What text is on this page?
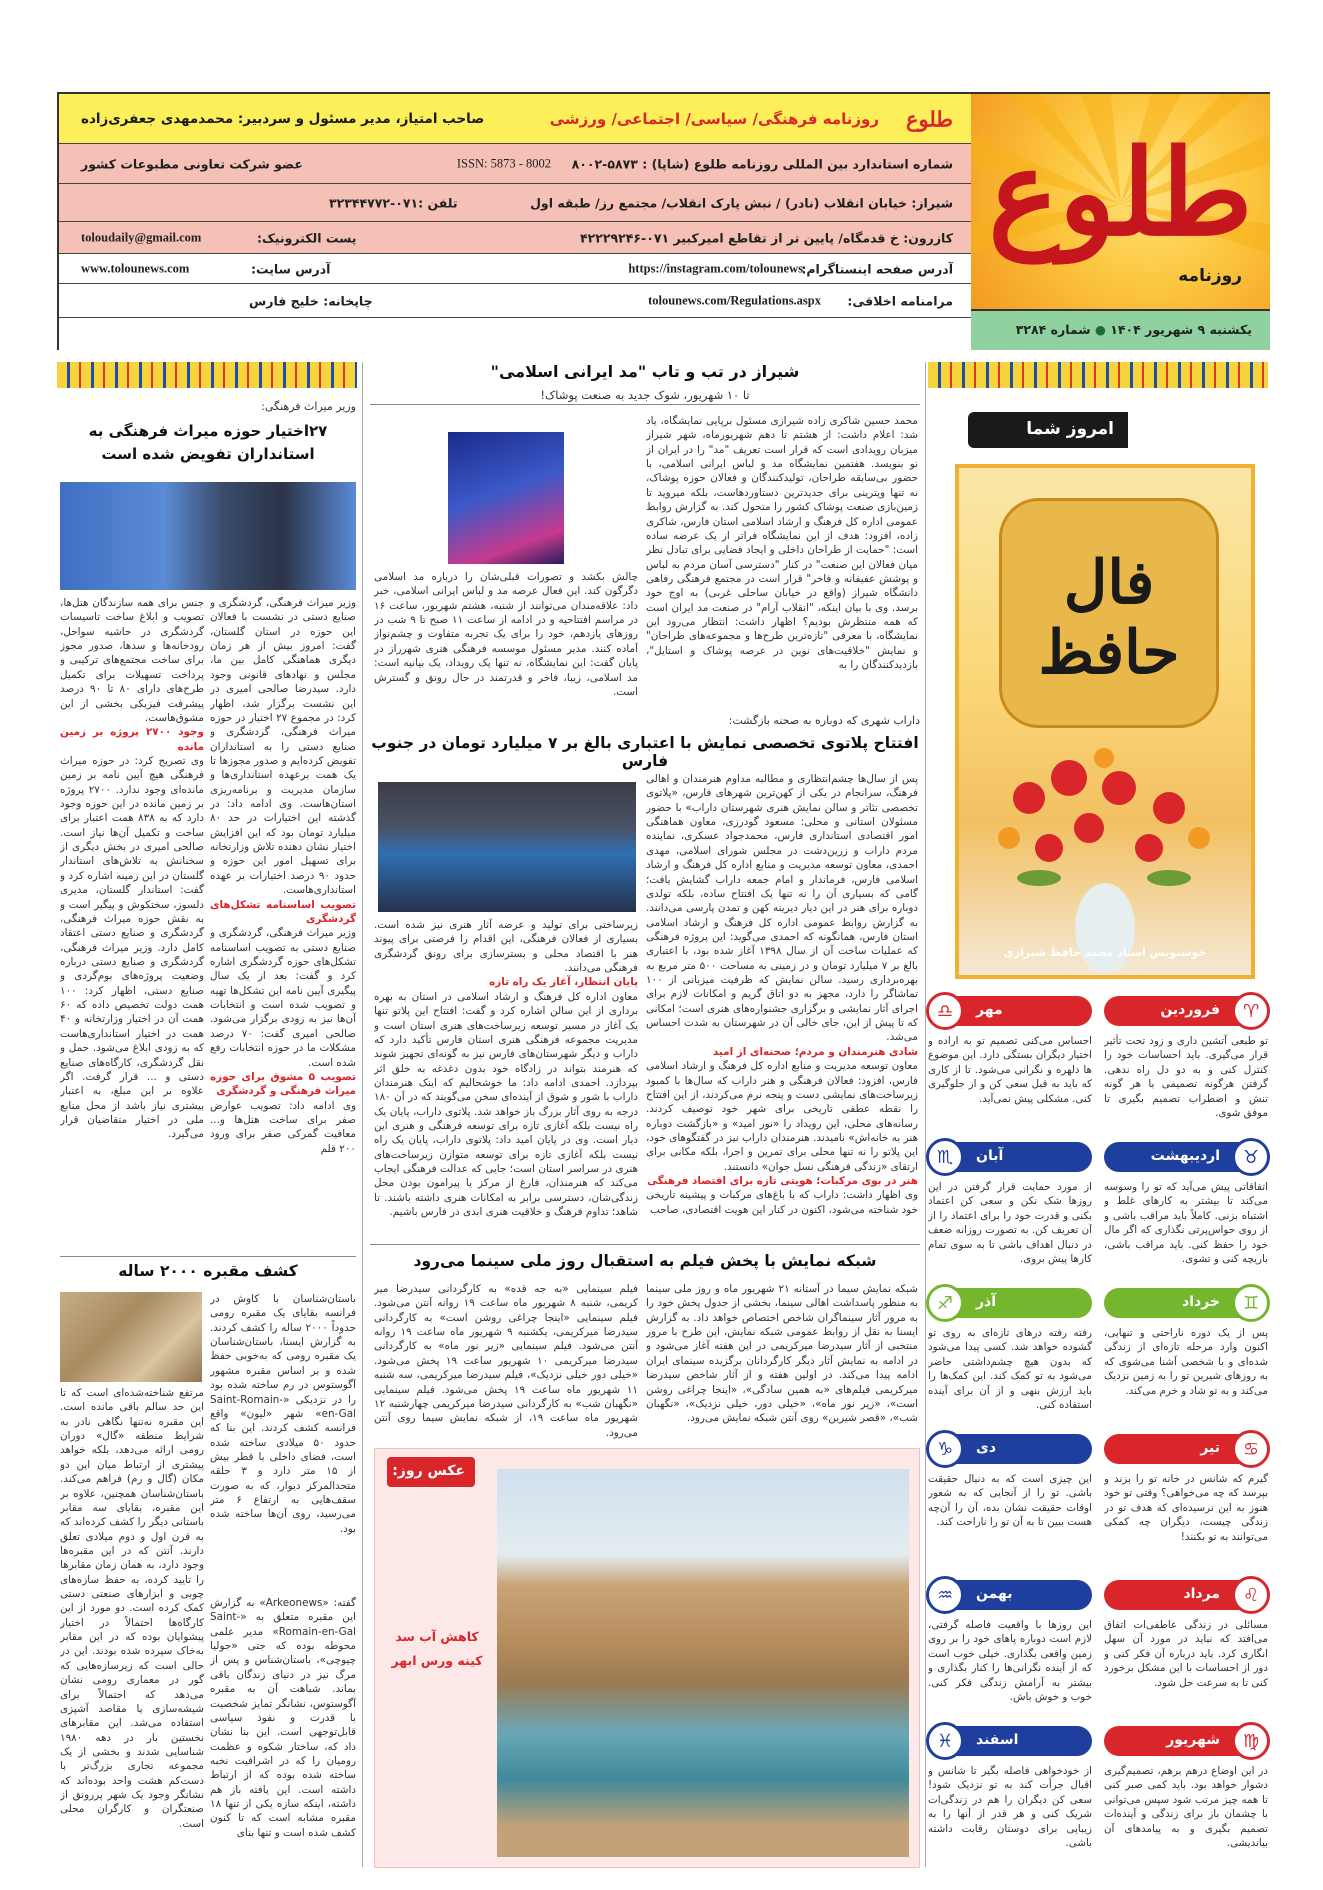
طلوع
روزنامه
یکشنبه ۹ شهریور ۱۴۰۴ ● شماره ۳۲۸۴
طلوع
روزنامه فرهنگی/ سیاسی/ اجتماعی/ ورزشی
صاحب امتیاز، مدیر مسئول و سردبیر: محمدمهدی جعفری‌زاده
شماره استاندارد بین المللی روزنامه طلوع (شاپا) : ۵۸۷۳-۸۰۰۲
ISSN: 5873 - 8002
عضو شرکت تعاونی مطبوعات کشور
شیراز: خیابان انقلاب (نادر) / نبش پارک انقلاب/ مجتمع رز/ طبقه اول
تلفن :۰۷۱-۳۲۳۴۴۷۷۲
کازرون: خ قدمگاه/ پایین تر از تقاطع امیرکبیر ۰۷۱-۴۲۲۲۹۲۴۶
toloudaily@gmail.com	پست الکترونیک:
آدرس صفحه اینستاگرام:
https://instagram.com/tolounews
www.tolounews.com	آدرس سایت:
مرامنامه اخلاقی:
tolounews.com/Regulations.aspx
چاپخانه: خلیج فارس
امروز شما
فال حافظ
خوشنویس استاد محمد حافظ شیرازی
♈
فروردین
تو طبعی آتشین داری و زود تحت تأثیر قرار می‌گیری. باید احساسات خود را کنترل کنی و به دو دل راه ندهی. گرفتن هرگونه تصمیمی با هر گونه تنش و اضطراب تصمیم بگیری تا موفق شوی.
♎	مهر
احساس می‌کنی تصمیم تو به اراده و اختیار دیگران بستگی دارد. این موضوع ها دلهره و نگرانی می‌شود. تا از کاری که باید به قبل سعی کن و از جلوگیری کنی. مشکلی پیش نمی‌آید.
♉
اردیبهشت
اتفاقاتی پیش می‌آید که تو را وسوسه می‌کند تا بیشتر به کارهای غلط و اشتباه بزنی. کاملاً باید مراقب باشی و از روی حواس‌پرتی نگذاری که اگر مال خود را حفظ کنی. باید مراقب باشی، باریچه کنی و تشوی.
♏	آبان
از مورد حمایت قرار گرفتن در این روزها شک نکن و سعی کن اعتماد بکنی و قدرت خود را برای اعتماد را از آن تعریف کن. به تصورت روزانه ضعف در دنبال اهداف باشی تا به سوی تمام کارها پیش بروی.
♊
خرداد
پس از یک دوره ناراحتی و تنهایی، اکنون وارد مرحله تازه‌ای از زندگی شده‌ای و با شخصی آشنا می‌شوی که به روزهای شیرین تو را به زمین نزدیک می‌کند و به تو شاد و خرم می‌کند.
♐	آذر
رفته رفته درهای تازه‌ای به روی تو گشوده خواهد شد. کسی پیدا می‌شود که بدون هیچ چشم‌داشتی حاضر می‌شود به تو کمک کند. این کمک‌ها را باید ارزش بنهی و از آن برای آینده استفاده کنی.
♋
تیر
گیرم که شانس در خانه تو را بزند و بپرسد که چه می‌خواهی؟ وقتی تو خود هنوز به این نرسیده‌ای که هدف تو در زندگی چیست، دیگران چه کمکی می‌توانند به تو بکنند!
♑	دی
این چیزی است که به دنبال حقیقت باشی. تو را از آنجایی که به شعور اوقات حقیقت نشان بده، آن را آن‌چه هست ببین تا به آن تو را ناراحت کند.
♌
مرداد
مسائلی در زندگی عاطفی‌ات اتفاق می‌افتد که نباید در مورد آن سهل انگاری کرد. باید درباره آن فکر کنی و دور از احساسات با این مشکل برخورد کنی تا به سرعت حل شود.
♒	بهمن
این روزها با واقعیت فاصله گرفتی، لازم است دوباره پاهای خود را بر روی زمین واقعی بگذاری. خیلی خوب است که از آینده نگرانی‌ها را کنار بگذاری و بیشتر به آرامش زندگی فکر کنی. خوب و خوش باش.
♍
شهریور
در این اوضاع درهم برهم، تصمیم‌گیری دشوار خواهد بود. باید کمی صبر کنی تا همه چیز مرتب شود سپس می‌توانی با چشمان باز برای زندگی و آینده‌ات تصمیم بگیری و به پیامدهای آن بیاندیشی.
♓	اسفند
از خودخواهی فاصله بگیر تا شانس و اقبال جرأت کند به تو نزدیک شود! سعی کن دیگران را هم در زندگی‌ات شریک کنی و هر قدر از آنها را به زیبایی برای دوستان رقابت داشته باشی.
شیراز در تب و تاب "مد ایرانی اسلامی"
تا ۱۰ شهریور، شوک جدید به صنعت پوشاک!
محمد حسین شاکری زاده شیرازی مسئول برپایی نمایشگاه، یاد شد: اعلام داشت: از هشتم تا دهم شهریورماه، شهر شیراز میزبان رویدادی است که قرار است تعریف "مد" را در ایران از نو بنویسد. هفتمین نمایشگاه مد و لباس ایرانی اسلامی، با حضور بی‌سابقه طراحان، تولیدکنندگان و فعالان حوزه پوشاک، نه تنها ویترینی برای جدیدترین دستاوردهاست، بلکه میروید تا زمین‌بازی صنعت پوشاک کشور را متحول کند. به گزارش روابط عمومی اداره کل فرهنگ و ارشاد اسلامی استان فارس، شاکری زاده، افزود: هدف از این نمایشگاه فراتر از یک عرضه ساده است: "حمایت از طراحان داخلی و ایجاد فضایی برای تبادل نظر میان فعالان این صنعت" در کنار "دسترسی آسان مردم به لباس و پوشش عفیفانه و فاخر" قرار است در مجتمع فرهنگی رفاهی دانشگاه شیراز (واقع در خیابان ساحلی غربی) به اوج خود برسد. وی با بیان اینکه، "انقلاب آرام" در صنعت مد ایران است که همه منتظرش بودیم؟ اظهار داشت: انتظار می‌رود این نمایشگاه، با معرفی "تازه‌ترین طرح‌ها و مجموعه‌های طراحان" و نمایش "خلاقیت‌های نوین در عرصه پوشاک و استایل"، بازدیدکنندگان را به
چالش بکشد و تصورات قبلی‌شان را درباره مد اسلامی دگرگون کند. این فعال عرصه مد و لباس ایرانی اسلامی، خبر داد: علاقه‌مندان می‌توانند از شنبه، هشتم شهریور، ساعت ۱۶ در مراسم افتتاحیه و در ادامه از ساعت ۱۱ صبح تا ۹ شب در روزهای یازدهم، خود را برای یک تجربه متفاوت و چشم‌نواز آماده کنند. مدیر مسئول موسسه فرهنگی هنری شهرراز در پایان گفت: این نمایشگاه، نه تنها یک رویداد، یک بیانیه است: مد اسلامی، زیبا، فاخر و قدرتمند در حال رونق و گسترش است.
داراب شهری که دوباره به صحنه بازگشت:
افتتاح پلاتوی تخصصی نمایش با اعتباری بالغ بر ۷ میلیارد تومان در جنوب فارس
پس از سال‌ها چشم‌انتظاری و مطالبه مداوم هنرمندان و اهالی فرهنگ، سرانجام در یکی از کهن‌ترین شهرهای فارس، «پلاتوی تخصصی تئاتر و سالن نمایش هنری شهرستان داراب» با حضور مسئولان استانی و محلی: مسعود گودرزی، معاون هماهنگی امور اقتصادی استانداری فارس، محمدجواد عسکری، نماینده مردم داراب و زرین‌دشت در مجلس شورای اسلامی، مهدی احمدی، معاون توسعه مدیریت و منابع اداره کل فرهنگ و ارشاد اسلامی فارس، فرماندار و امام جمعه داراب گشایش یافت؛ گامی که بسیاری آن را نه تنها یک افتتاح ساده، بلکه تولدی دوباره برای هنر در این دیار دیرینه کهن و تمدن پارسی می‌دانند. به گزارش روابط عمومی اداره کل فرهنگ و ارشاد اسلامی استان فارس، همانگونه که احمدی می‌گوید: این پروژه فرهنگی که عملیات ساخت آن از سال ۱۳۹۸ آغاز شده بود، با اعتباری بالغ بر ۷ میلیارد تومان و در زمینی به مساحت ۵۰۰ متر مربع به بهره‌برداری رسید. سالن نمایش که ظرفیت میزبانی از ۱۰۰ تماشاگر را دارد، مجهز به دو اتاق گریم و امکانات لازم برای اجرای آثار نمایشی و برگزاری جشنواره‌های هنری است؛ امکانی که تا پیش از این، جای خالی آن در شهرستان به شدت احساس می‌شد.
شادی هنرمندان و مردم؛ صحنه‌ای از امید
معاون توسعه مدیریت و منابع اداره کل فرهنگ و ارشاد اسلامی فارس، افزود: فعالان فرهنگی و هنر داراب که سال‌ها با کمبود زیرساخت‌های نمایشی دست و پنجه نرم می‌کردند، از این افتتاح را نقطه عطفی تاریخی برای شهر خود توصیف کردند. رسانه‌های محلی، این رویداد را «نور امید» و «بازگشت دوباره هنر به خانه‌اش» نامیدند. هنرمندان داراب نیز در گفتگوهای خود، این پلاتو را نه تنها محلی برای تمرین و اجرا، بلکه مکانی برای ارتقای «زندگی فرهنگی نسل جوان» دانستند.
هنر در بوی مرکبات؛ هویتی تازه برای اقتصاد فرهنگی
وی اظهار داشت: داراب که با باغ‌های مرکبات و پیشینه تاریخی خود شناخته می‌شود، اکنون در کنار این هویت اقتصادی، صاحب
زیرساختی برای تولید و عرضه آثار هنری نیز شده است. بسیاری از فعالان فرهنگی، این اقدام را فرصتی برای پیوند هنر با اقتصاد محلی و بسترسازی برای رونق گردشگری فرهنگی می‌دانند.
پایان انتظار، آغاز یک راه تازه
معاون اداره کل فرهنگ و ارشاد اسلامی در استان به بهره برداری از این سالن اشاره کرد و گفت: افتتاح این پلاتو تنها یک آغاز در مسیر توسعه زیرساخت‌های هنری استان است و مدیریت مجموعه فرهنگی هنری استان فارس تأکید دارد که داراب و دیگر شهرستان‌های فارس نیز به گونه‌ای تجهیز شوند که هنرمند بتواند در زادگاه خود بدون دغدغه به خلق اثر بپردازد. احمدی ادامه داد: ما خوشحالیم که اینک هنرمندان داراب با شور و شوق از آینده‌ای سخن می‌گویند که در آن ۱۸۰ درجه به روی آثار بزرگ باز خواهد شد. پلاتوی داراب، پایان یک راه نیست بلکه آغازی تازه برای توسعه فرهنگی و هنری این دیار است. وی در پایان امید داد: پلاتوی داراب، پایان یک راه نیست بلکه آغازی تازه برای توسعه متوازن زیرساخت‌های هنری در سراسر استان است؛ جایی که عدالت فرهنگی ایجاب می‌کند که هنرمندان، فارغ از مرکز یا پیرامون بودن محل زندگی‌شان، دسترسی برابر به امکانات هنری داشته باشند. تا شاهد؛ تداوم فرهنگ و خلاقیت هنری ابدی در فارس باشیم.
شبکه نمایش با پخش فیلم به استقبال روز ملی سینما می‌رود
شبکه نمایش سیما در آستانه ۲۱ شهریور ماه و روز ملی سینما به منظور پاسداشت اهالی سینما، بخشی از جدول پخش خود را به مرور آثار سینماگران شاخص اختصاص خواهد داد. به گزارش ایسنا به نقل از روابط عمومی شبکه نمایش، این طرح با مرور منتخبی از آثار سیدرضا میرکریمی در این هفته آغاز می‌شود و در ادامه به نمایش آثار دیگر کارگردانان برگزیده سینمای ایران ادامه پیدا می‌کند. در اولین هفته و از آثار شاخص سیدرضا میرکریمی فیلم‌های «به همین سادگی»، «اینجا چراغی روشن است»، «زیر نور ماه»، «خیلی دور، خیلی نزدیک»، «نگهبان شب»، «قصر شیرین» روی آنتن شبکه نمایش می‌رود.
فیلم سینمایی «به جه قده» به کارگردانی سیدرضا میر کریمی، شنبه ۸ شهریور ماه ساعت ۱۹ روانه آنتن می‌شود. فیلم سینمایی «اینجا چراغی روشن است» به کارگردانی سیدرضا میرکریمی، یکشنبه ۹ شهریور ماه ساعت ۱۹ روانه آنتن می‌شود. فیلم سینمایی «زیر نور ماه» به کارگردانی سیدرضا میرکریمی ۱۰ شهریور ساعت ۱۹ پخش می‌شود. «خیلی دور خیلی نزدیک»، فیلم سیدرضا میرکریمی، سه شنبه ۱۱ شهریور ماه ساعت ۱۹ پخش می‌شود. فیلم سینمایی «نگهبان شب» به کارگردانی سیدرضا میرکریمی چهارشنبه ۱۲ شهریور ماه ساعت ۱۹، از شبکه نمایش سیما روی آنتن می‌رود.
عکس روز:
کاهش آب سد
کینه ورس ابهر
وزیر میراث فرهنگی:
۲۷اختیار حوزه میراث فرهنگی به استانداران تفویض شده است
وزیر میراث فرهنگی، گردشگری و صنایع دستی در نشست با فعالان این حوزه در استان گلستان، گفت: امروز بیش از هر زمان دیگری هماهنگی کامل بین ما، مجلس و نهادهای قانونی وجود دارد. سیدرضا صالحی امیری در این نشست برگزار شد، اظهار کرد: در مجموع ۲۷ اختیار در حوزه میراث فرهنگی، گردشگری و صنایع دستی را به استانداران تفویض کرده‌ایم و صدور مجوزها تا یک همت برعهده استانداری‌ها و سازمان مدیریت و برنامه‌ریزی استان‌هاست. وی ادامه داد: در گذشته این اختیارات در حد ۸۰ میلیارد تومان بود که این افزایش اختیار نشان دهنده تلاش وزارتخانه برای تسهیل امور این حوزه و حدود ۹۰ درصد اختیارات بر عهده استانداری‌هاست.
تصویب اساسنامه تشکل‌های گردشگری
وزیر میراث فرهنگی، گردشگری و صنایع دستی به تصویب اساسنامه تشکل‌های حوزه گردشگری اشاره کرد و گفت: بعد از یک سال پیگیری آیین نامه این تشکل‌ها تهیه و تصویب شده است و انتخابات آن‌ها نیز به زودی برگزار می‌شود. صالحی امیری گفت: ۷۰ درصد مشکلات ما در حوزه انتخابات رفع شده است.
تصویب ۵ مشوق برای حوزه میراث فرهنگی و گردشگری
وی ادامه داد: تصویب عوارض صفر برای ساخت هتل‌ها و... معافیت گمرکی صفر برای ورود ۲۰۰ قلم
جنس برای همه سازندگان هتل‌ها، تصویب و ابلاغ ساخت تاسیسات گردشگری در حاشیه سواحل، رودخانه‌ها و سدها، صدور مجوز برای ساخت مجتمع‌های ترکیبی و پرداخت تسهیلات برای تکمیل طرح‌های دارای ۸۰ تا ۹۰ درصد پیشرفت فیزیکی بخشی از این مشوق‌هاست.
وجود ۲۷۰۰ پروژه بر زمین مانده
وی تصریح کرد: در حوزه میراث فرهنگی هیچ آیین نامه بر زمین مانده‌ای وجود ندارد. ۲۷۰۰ پروژه بر زمین مانده در این حوزه وجود دارد که به ۸۳۸ همت اعتبار برای ساخت و تکمیل آن‌ها نیاز است. صالحی امیری در بخش دیگری از سخنانش به تلاش‌های استاندار گلستان در این زمینه اشاره کرد و گفت: استاندار گلستان، مدیری دلسوز، سختکوش و پیگیر است و به نقش حوزه میراث فرهنگی، گردشگری و صنایع دستی اعتقاد کامل دارد. وزیر میراث فرهنگی، گردشگری و صنایع دستی درباره وضعیت پروژه‌های بوم‌گردی و صنایع دستی، اظهار کرد: ۱۰۰ همت دولت تخصیص داده که ۶۰ همت آن در اختیار وزارتخانه و ۴۰ همت در اختیار استانداری‌هاست که به زودی ابلاغ می‌شود. حمل و نقل گردشگری، کارگاه‌های صنایع دستی و ... قرار گرفت. اگر علاوه بر این مبلغ، به اعتبار بیشتری نیاز باشد از محل منابع ملی در اختیار متقاضیان قرار می‌گیرد.
کشف مقبره ۲۰۰۰ ساله
باستان‌شناسان با کاوش در فرانسه بقایای یک مقبره رومی حدوداً ۲۰۰۰ ساله را کشف کردند. به گزارش ایسنا، باستان‌شناسان یک مقبره رومی که به‌خوبی حفظ شده و بر اساس مقبره مشهور آگوستوس در رم ساخته شده بود را در نزدیکی «Saint-Romain-en-Gal» شهر «لیون» واقع فرانسه کشف کردند. این بنا که حدود ۵۰ میلادی ساخته شده است، فضای داخلی با قطر بیش از ۱۵ متر دارد و ۳ حلقه متحدالمرکز دیوار، که به صورت سقف‌هایی به ارتفاع ۶ متر می‌رسید، روی آن‌ها ساخته شده بود.
مرتفع شناخته‌شده‌ای است که تا این حد سالم باقی مانده است. این مقبره نه‌تنها نگاهی نادر به شرایط منطقه «گال» دوران رومی ارائه می‌دهد، بلکه خواهد پیشتری از ارتباط میان این دو مکان (گال و رم) فراهم می‌کند. باستان‌شناسان همچنین، علاوه بر این مقبره، بقایای سه مقابر باستانی دیگر را کشف کرده‌اند که به قرن اول و دوم میلادی تعلق دارند. آنتن که در این مقبره‌ها وجود دارد، به همان زمان مقابرها را تایید کرده، به حفظ سازه‌های چوبی و ابزارهای صنعتی دستی کمک کرده است. دو مورد از این کارگاه‌ها احتمالاً در اختیار پیشوایان بوده که در این مقابر به‌خاک سپرده شده بودند. این در حالی است که زیرسازه‌هایی که گور در معماری رومی نشان می‌دهد که احتمالاً برای شیشه‌سازی یا مقاصد آشپزی استفاده می‌شد. این مقابرهای نخستین بار در دهه ۱۹۸۰ شناسایی شدند و بخشی از یک مجموعه تجاری بزرگ‌تر با دست‌کم هشت واحد بوده‌اند که نشانگر وجود یک شهر پررونق از صنعتگران و کارگران محلی است.
گفته: «Arkeonews» به گزارش این مقبره متعلق به «Saint-Romain-en-Gal» مدیر علمی محوطه بوده که جتی «جولیا چیوچی»، باستان‌شناس و پس از مرگ نیز در دنیای زندگان باقی بماند. شباهت آن به مقبره آگوستوس، نشانگر تمایز شخصیت با قدرت و نفوذ سیاسی قابل‌توجهی است. این بنا نشان داد که، ساختار شکوه و عظمت رومیان را که در اشرافیت نخبه ساخته شده بوده که از ارتباط داشته است. این یافته باز هم داشته، اینکه سازه یکی از تنها ۱۸ مقبره مشابه است که تا کنون کشف شده است و تنها بنای
